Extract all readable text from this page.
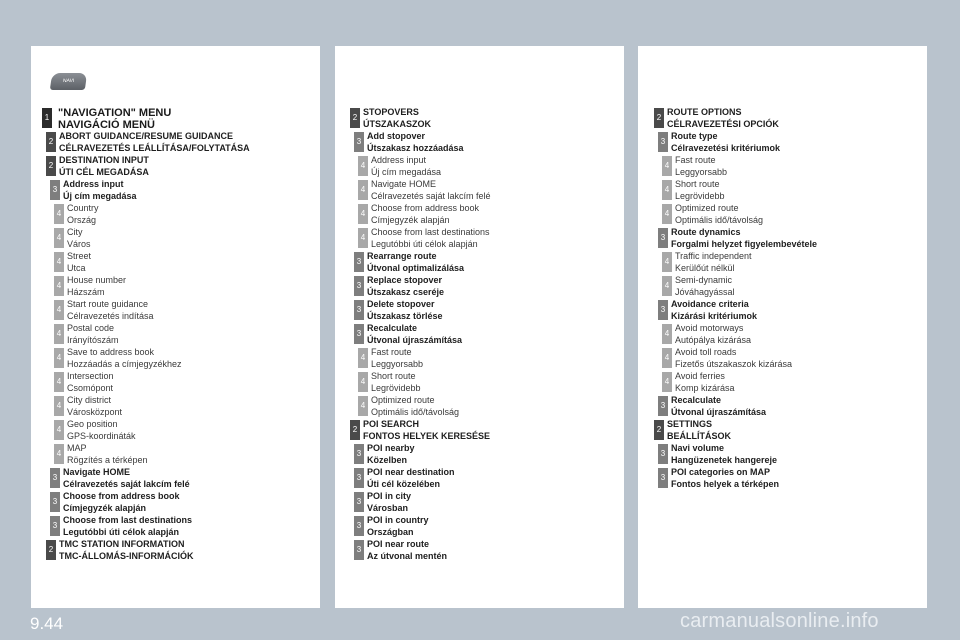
NAVI
1 "NAVIGATION" MENU
NAVIGÁCIÓ MENÜ
2
ABORT GUIDANCE/RESUME GUIDANCE
CÉLRAVEZETÉS LEÁLLÍTÁSA/FOLYTATÁSA
2
DESTINATION INPUT
ÚTI CÉL MEGADÁSA
3
Address input
Új cím megadása
4
Country
Ország
4
City
Város
4
Street
Utca
4
House number
Házszám
4
Start route guidance
Célravezetés indítása
4
Postal code
Irányítószám
4
Save to address book
Hozzáadás a címjegyzékhez
4
Intersection
Csomópont
4
City district
Városközpont
4
Geo position
GPS-koordináták
4
MAP
Rögzítés a térképen
3
Navigate HOME
Célravezetés saját lakcím felé
3
Choose from address book
Címjegyzék alapján
3
Choose from last destinations
Legutóbbi úti célok alapján
2
TMC STATION INFORMATION
TMC-ÁLLOMÁS-INFORMÁCIÓK
2
STOPOVERS
ÚTSZAKASZOK
3
Add stopover
Útszakasz hozzáadása
4
Address input
Új cím megadása
4
Navigate HOME
Célravezetés saját lakcím felé
4
Choose from address book
Címjegyzék alapján
4
Choose from last destinations
Legutóbbi úti célok alapján
3
Rearrange route
Útvonal optimalizálása
3
Replace stopover
Útszakasz cseréje
3
Delete stopover
Útszakasz törlése
3
Recalculate
Útvonal újraszámítása
4
Fast route
Leggyorsabb
4
Short route
Legrövidebb
4
Optimized route
Optimális idő/távolság
2
POI SEARCH
FONTOS HELYEK KERESÉSE
3
POI nearby
Közelben
3
POI near destination
Úti cél közelében
3
POI in city
Városban
3
POI in country
Országban
3
POI near route
Az útvonal mentén
2
ROUTE OPTIONS
CÉLRAVEZETÉSI OPCIÓK
3
Route type
Célravezetési kritériumok
4
Fast route
Leggyorsabb
4
Short route
Legrövidebb
4
Optimized route
Optimális idő/távolság
3
Route dynamics
Forgalmi helyzet figyelembevétele
4
Traffic independent
Kerülőút nélkül
4
Semi-dynamic
Jóváhagyással
3
Avoidance criteria
Kizárási kritériumok
4
Avoid motorways
Autópálya kizárása
4
Avoid toll roads
Fizetős útszakaszok kizárása
4
Avoid ferries
Komp kizárása
3
Recalculate
Útvonal újraszámítása
2
SETTINGS
BEÁLLÍTÁSOK
3
Navi volume
Hangüzenetek hangereje
3
POI categories on MAP
Fontos helyek a térképen
9.44	carmanualsonline.info
